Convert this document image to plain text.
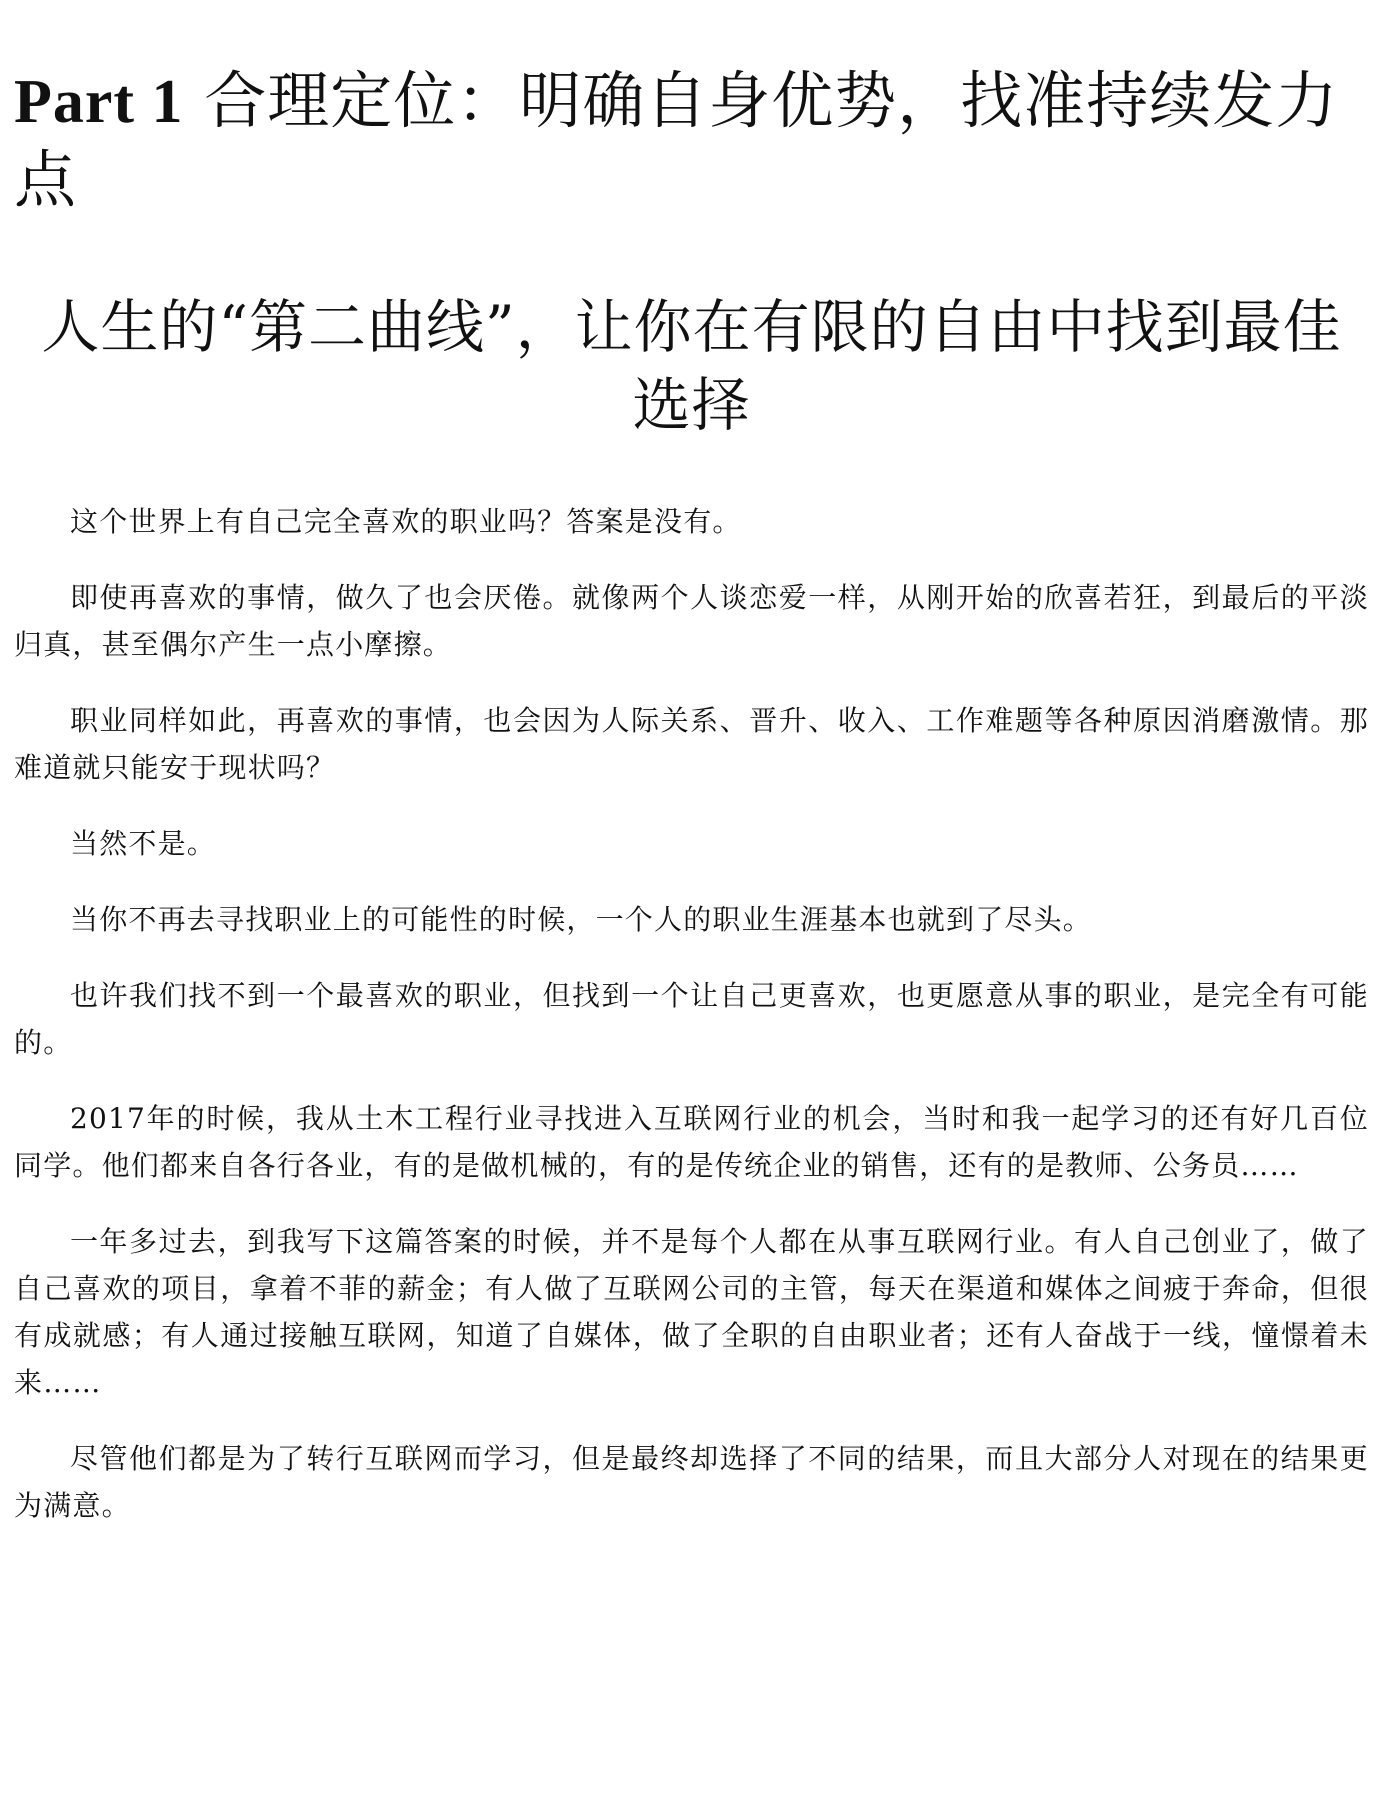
Part 1 合理定位：明确自身优势，找准持续发力点
人生的“第二曲线”，让你在有限的自由中找到最佳选择

这个世界上有自己完全喜欢的职业吗？答案是没有。

即使再喜欢的事情，做久了也会厌倦。就像两个人谈恋爱一样，从刚开始的欣喜若狂，到最后的平淡归真，甚至偶尔产生一点小摩擦。

职业同样如此，再喜欢的事情，也会因为人际关系、晋升、收入、工作难题等各种原因消磨激情。那难道就只能安于现状吗？

当然不是。

当你不再去寻找职业上的可能性的时候，一个人的职业生涯基本也就到了尽头。

也许我们找不到一个最喜欢的职业，但找到一个让自己更喜欢，也更愿意从事的职业，是完全有可能的。

2017年的时候，我从土木工程行业寻找进入互联网行业的机会，当时和我一起学习的还有好几百位同学。他们都来自各行各业，有的是做机械的，有的是传统企业的销售，还有的是教师、公务员……

一年多过去，到我写下这篇答案的时候，并不是每个人都在从事互联网行业。有人自己创业了，做了自己喜欢的项目，拿着不菲的薪金；有人做了互联网公司的主管，每天在渠道和媒体之间疲于奔命，但很有成就感；有人通过接触互联网，知道了自媒体，做了全职的自由职业者；还有人奋战于一线，憧憬着未来……

尽管他们都是为了转行互联网而学习，但是最终却选择了不同的结果，而且大部分人对现在的结果更为满意。
